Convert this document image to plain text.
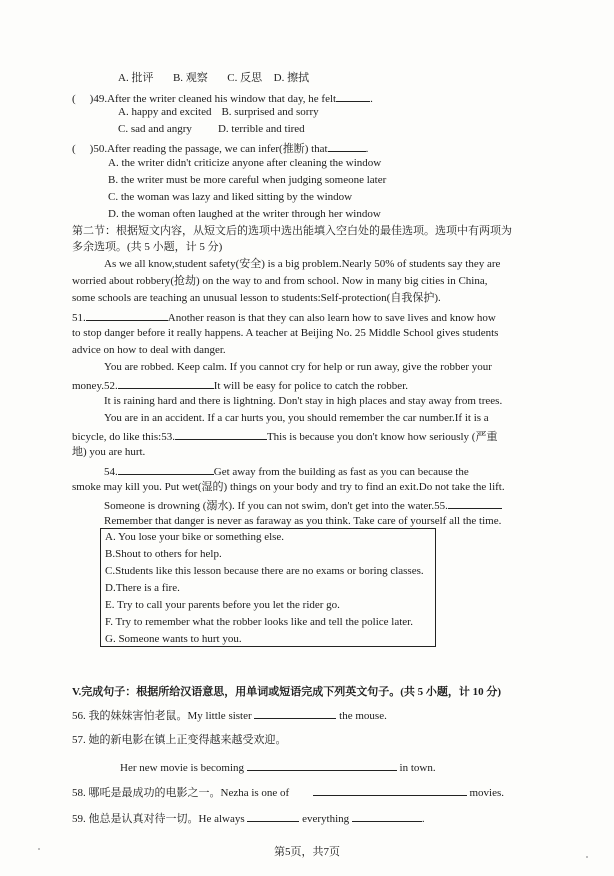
A. 批评 B. 观察 C. 反思 D. 擦拭
( )49.After the writer cleaned his window that day, he felt	.
A. happy and excited B. surprised and sorry
C. sad and angry D. terrible and tired
( )50.After reading the passage, we can infer(推断) that	.
A. the writer didn't criticize anyone after cleaning the window
B. the writer must be more careful when judging someone later
C. the woman was lazy and liked sitting by the window
D. the woman often laughed at the writer through her window
第二节：根据短文内容，从短文后的选项中选出能填入空白处的最佳选项。选项中有两项为
多余选项。(共 5 小题，计 5 分)
As we all know,student safety(安全) is a big problem.Nearly 50% of students say they are
worried about robbery(抢劫) on the way to and from school. Now in many big cities in China,
some schools are teaching an unusual lesson to students:Self-protection(自我保护).
51.	Another reason is that they can also learn how to save lives and know how
to stop danger before it really happens. A teacher at Beijing No. 25 Middle School gives students
advice on how to deal with danger.
You are robbed. Keep calm. If you cannot cry for help or run away, give the robber your
money.52.	It will be easy for police to catch the robber.
It is raining hard and there is lightning. Don't stay in high places and stay away from trees.
You are in an accident. If a car hurts you, you should remember the car number.If it is a
bicycle, do like this:53.	This is because you don't know how seriously (严重
地) you are hurt.
54.	Get away from the building as fast as you can because the
smoke may kill you. Put wet(湿的) things on your body and try to find an exit.Do not take the lift.
Someone is drowning (溺水). If you can not swim, don't get into the water.55.
Remember that danger is never as faraway as you think. Take care of yourself all the time.
A. You lose your bike or something else.
B.Shout to others for help.
C.Students like this lesson because there are no exams or boring classes.
D.There is a fire.
E. Try to call your parents before you let the rider go.
F. Try to remember what the robber looks like and tell the police later.
G. Someone wants to hurt you.
V.完成句子：根据所给汉语意思，用单词或短语完成下列英文句子。(共 5 小题，计 10 分)
56. 我的妹妹害怕老鼠。My little sister	the mouse.
57. 她的新电影在镇上正变得越来越受欢迎。
Her new movie is becoming	in town.
58. 哪吒是最成功的电影之一。Nezha is one of	movies.
59. 他总是认真对待一切。He always	everything	.
第5页，共7页
